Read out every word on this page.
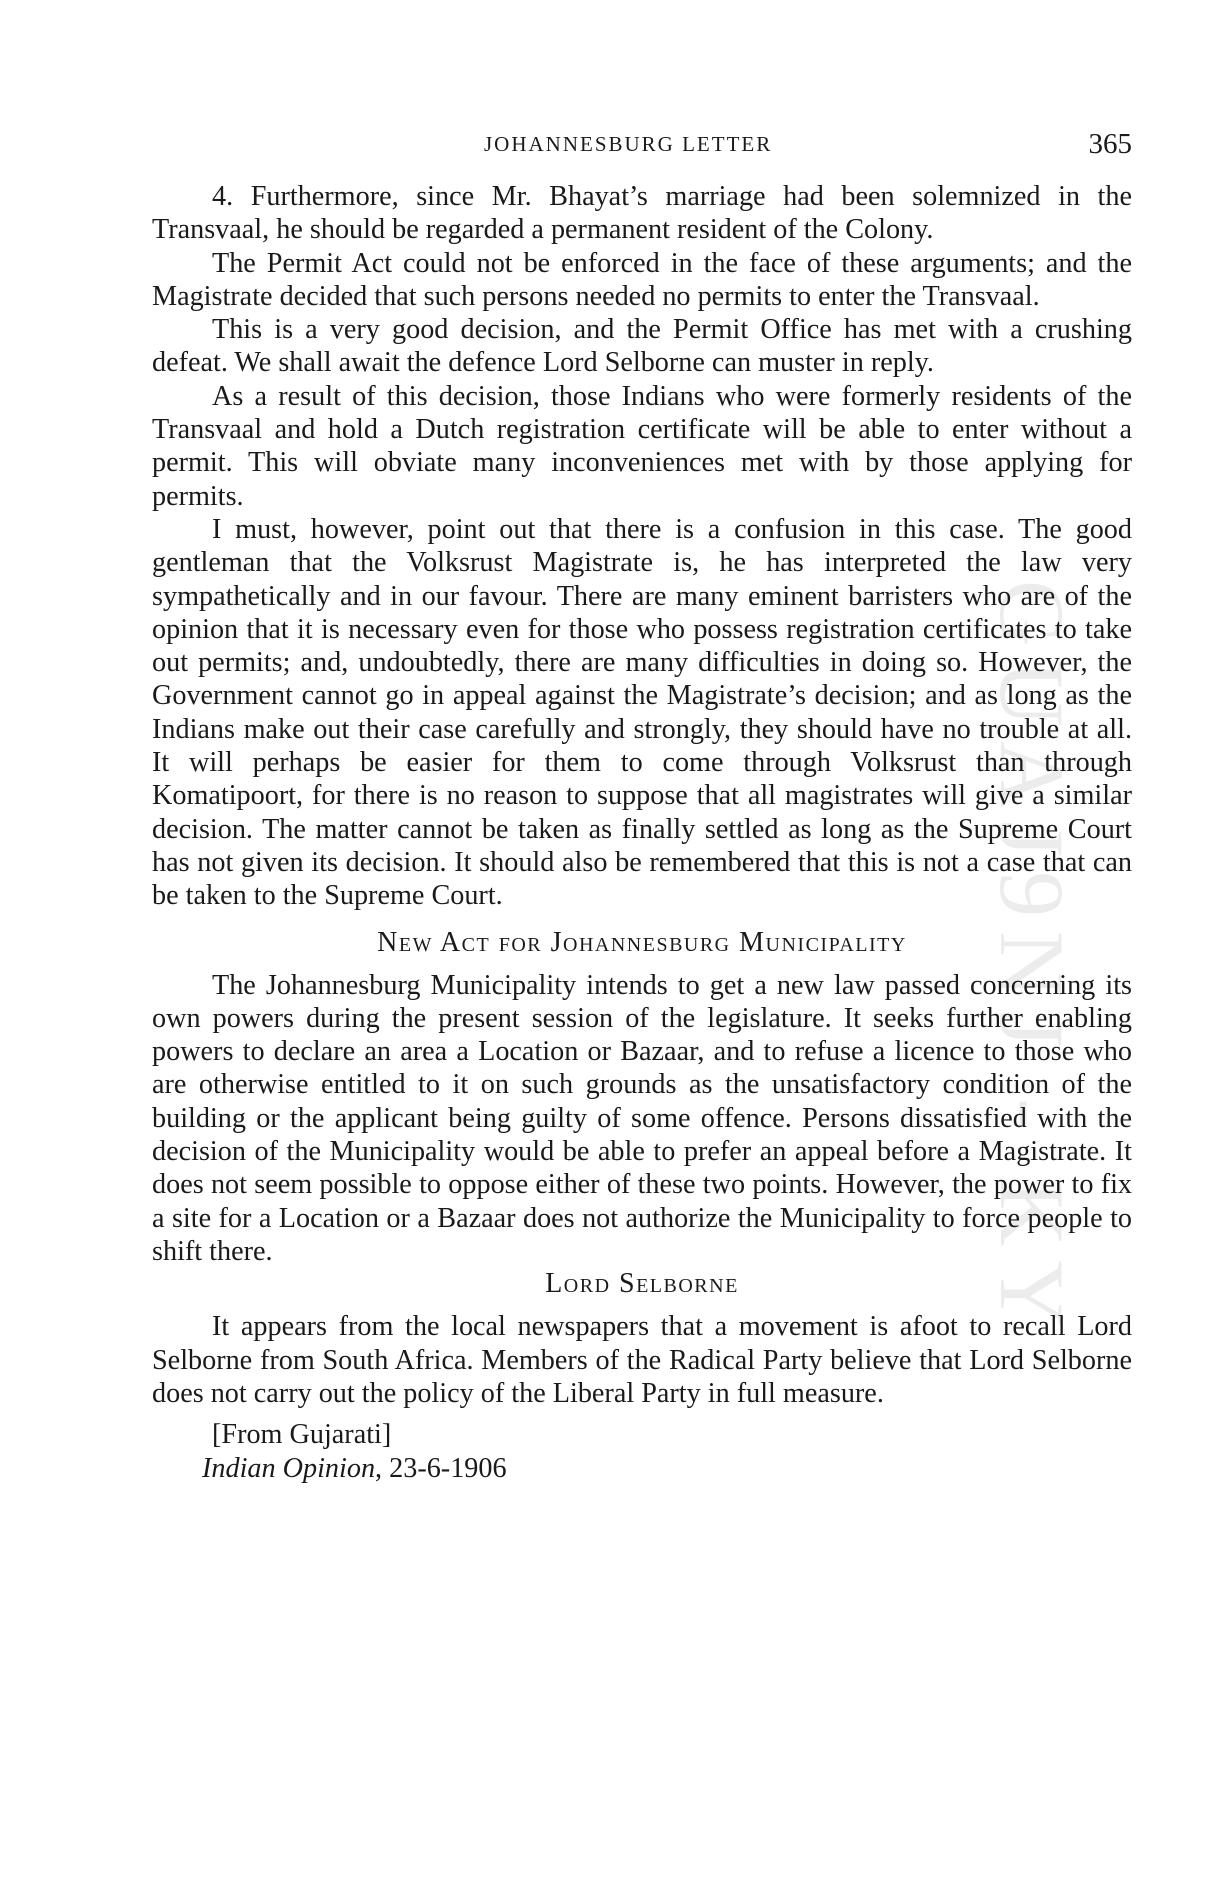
GUAJ9NJ - KY
JOHANNESBURG LETTER	365

4. Furthermore, since Mr. Bhayat’s marriage had been solemnized in the Transvaal, he should be regarded a permanent resident of the Colony.

The Permit Act could not be enforced in the face of these arguments; and the Magistrate decided that such persons needed no permits to enter the Transvaal.

This is a very good decision, and the Permit Office has met with a crushing defeat. We shall await the defence Lord Selborne can muster in reply.

As a result of this decision, those Indians who were formerly residents of the Transvaal and hold a Dutch registration certificate will be able to enter without a permit. This will obviate many inconveniences met with by those applying for permits.

I must, however, point out that there is a confusion in this case. The good gentleman that the Volksrust Magistrate is, he has interpreted the law very sympathetically and in our favour. There are many eminent barristers who are of the opinion that it is necessary even for those who possess registration certificates to take out permits; and, undoubtedly, there are many difficulties in doing so. However, the Government cannot go in appeal against the Magistrate’s decision; and as long as the Indians make out their case carefully and strongly, they should have no trouble at all. It will perhaps be easier for them to come through Volksrust than through Komatipoort, for there is no reason to suppose that all magistrates will give a similar decision. The matter cannot be taken as finally settled as long as the Supreme Court has not given its decision. It should also be remembered that this is not a case that can be taken to the Supreme Court.

New Act for Johannesburg Municipality

The Johannesburg Municipality intends to get a new law passed concerning its own powers during the present session of the legislature. It seeks further enabling powers to declare an area a Location or Bazaar, and to refuse a licence to those who are otherwise entitled to it on such grounds as the unsatisfactory condition of the building or the applicant being guilty of some offence. Persons dissatisfied with the decision of the Municipality would be able to prefer an appeal before a Magistrate. It does not seem possible to oppose either of these two points. However, the power to fix a site for a Location or a Bazaar does not authorize the Municipality to force people to shift there.

Lord Selborne

It appears from the local newspapers that a movement is afoot to recall Lord Selborne from South Africa. Members of the Radical Party believe that Lord Selborne does not carry out the policy of the Liberal Party in full measure.

[From Gujarati]
Indian Opinion, 23-6-1906
